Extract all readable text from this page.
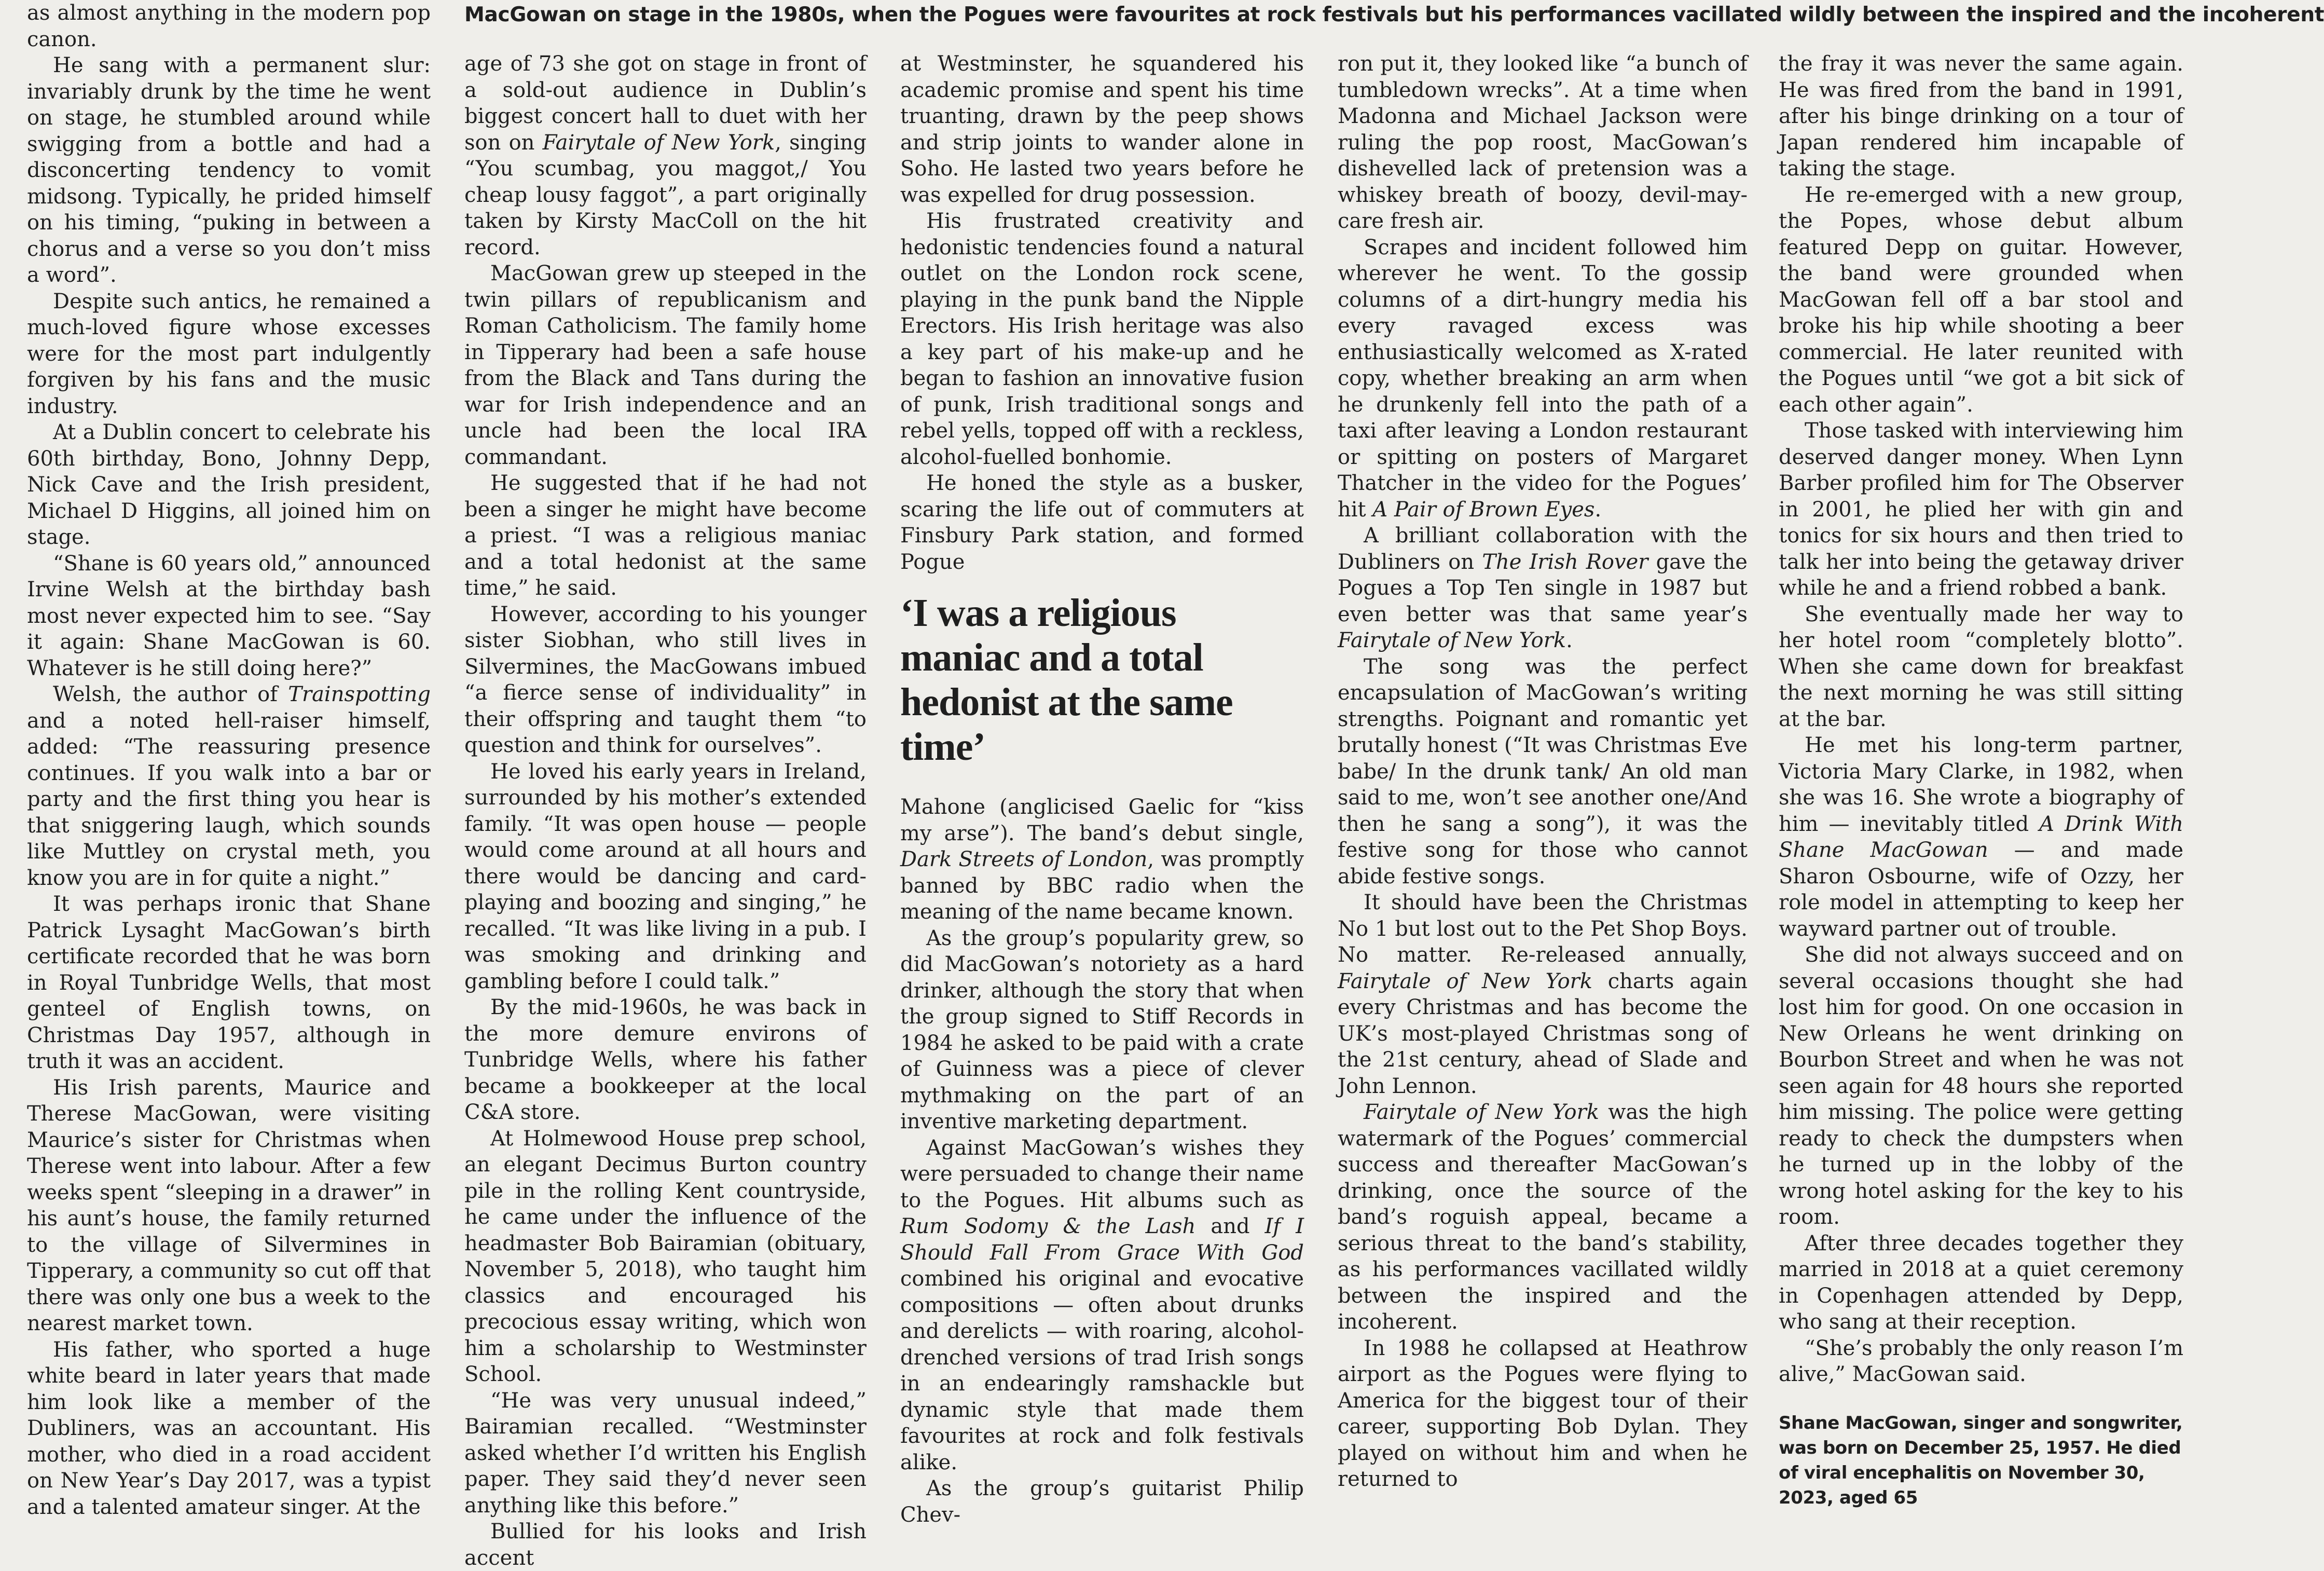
MacGowan on stage in the 1980s, when the Pogues were favourites at rock festivals but his performances vacillated wildly between the inspired and the incoherent

as almost anything in the modern pop canon.

He sang with a permanent slur: invariably drunk by the time he went on stage, he stumbled around while swigging from a bottle and had a disconcerting tendency to vomit midsong. Typically, he prided himself on his timing, “puking in between a chorus and a verse so you don’t miss a word”.

Despite such antics, he remained a much-loved figure whose excesses were for the most part indulgently forgiven by his fans and the music industry.

At a Dublin concert to celebrate his 60th birthday, Bono, Johnny Depp, Nick Cave and the Irish president, Michael D Higgins, all joined him on stage.

“Shane is 60 years old,” announced Irvine Welsh at the birthday bash most never expected him to see. “Say it again: Shane MacGowan is 60. Whatever is he still doing here?”

Welsh, the author of Trainspotting and a noted hell-raiser himself, added: “The reassuring presence continues. If you walk into a bar or party and the first thing you hear is that sniggering laugh, which sounds like Muttley on crystal meth, you know you are in for quite a night.”

It was perhaps ironic that Shane Patrick Lysaght MacGowan’s birth certificate recorded that he was born in Royal Tunbridge Wells, that most genteel of English towns, on Christmas Day 1957, although in truth it was an accident.

His Irish parents, Maurice and Therese MacGowan, were visiting Maurice’s sister for Christmas when Therese went into labour. After a few weeks spent “sleeping in a drawer” in his aunt’s house, the family returned to the village of Silvermines in Tipperary, a community so cut off that there was only one bus a week to the nearest market town.

His father, who sported a huge white beard in later years that made him look like a member of the Dubliners, was an accountant. His mother, who died in a road accident on New Year’s Day 2017, was a typist and a talented amateur singer. At the

age of 73 she got on stage in front of a sold-out audience in Dublin’s biggest concert hall to duet with her son on Fairytale of New York, singing “You scumbag, you maggot,/ You cheap lousy faggot”, a part originally taken by Kirsty MacColl on the hit record.

MacGowan grew up steeped in the twin pillars of republicanism and Roman Catholicism. The family home in Tipperary had been a safe house from the Black and Tans during the war for Irish independence and an uncle had been the local IRA commandant.

He suggested that if he had not been a singer he might have become a priest. “I was a religious maniac and a total hedonist at the same time,” he said.

However, according to his younger sister Siobhan, who still lives in Silvermines, the MacGowans imbued “a fierce sense of individuality” in their offspring and taught them “to question and think for ourselves”.

He loved his early years in Ireland, surrounded by his mother’s extended family. “It was open house — people would come around at all hours and there would be dancing and card-playing and boozing and singing,” he recalled. “It was like living in a pub. I was smoking and drinking and gambling before I could talk.”

By the mid-1960s, he was back in the more demure environs of Tunbridge Wells, where his father became a bookkeeper at the local C&A store.

At Holmewood House prep school, an elegant Decimus Burton country pile in the rolling Kent countryside, he came under the influence of the headmaster Bob Bairamian (obituary, November 5, 2018), who taught him classics and encouraged his precocious essay writing, which won him a scholarship to Westminster School.

“He was very unusual indeed,” Bairamian recalled. “Westminster asked whether I’d written his English paper. They said they’d never seen anything like this before.”

Bullied for his looks and Irish accent

at Westminster, he squandered his academic promise and spent his time truanting, drawn by the peep shows and strip joints to wander alone in Soho. He lasted two years before he was expelled for drug possession.

His frustrated creativity and hedonistic tendencies found a natural outlet on the London rock scene, playing in the punk band the Nipple Erectors. His Irish heritage was also a key part of his make-up and he began to fashion an innovative fusion of punk, Irish traditional songs and rebel yells, topped off with a reckless, alcohol-fuelled bonhomie.

He honed the style as a busker, scaring the life out of commuters at Finsbury Park station, and formed Pogue

‘I was a religious maniac and a total hedonist at the same time’

Mahone (anglicised Gaelic for “kiss my arse”). The band’s debut single, Dark Streets of London, was promptly banned by BBC radio when the meaning of the name became known.

As the group’s popularity grew, so did MacGowan’s notoriety as a hard drinker, although the story that when the group signed to Stiff Records in 1984 he asked to be paid with a crate of Guinness was a piece of clever mythmaking on the part of an inventive marketing department.

Against MacGowan’s wishes they were persuaded to change their name to the Pogues. Hit albums such as Rum Sodomy & the Lash and If I Should Fall From Grace With God combined his original and evocative compositions — often about drunks and derelicts — with roaring, alcohol-drenched versions of trad Irish songs in an endearingly ramshackle but dynamic style that made them favourites at rock and folk festivals alike.

As the group’s guitarist Philip Chev-

ron put it, they looked like “a bunch of tumbledown wrecks”. At a time when Madonna and Michael Jackson were ruling the pop roost, MacGowan’s dishevelled lack of pretension was a whiskey breath of boozy, devil-may-care fresh air.

Scrapes and incident followed him wherever he went. To the gossip columns of a dirt-hungry media his every ravaged excess was enthusiastically welcomed as X-rated copy, whether breaking an arm when he drunkenly fell into the path of a taxi after leaving a London restaurant or spitting on posters of Margaret Thatcher in the video for the Pogues’ hit A Pair of Brown Eyes.

A brilliant collaboration with the Dubliners on The Irish Rover gave the Pogues a Top Ten single in 1987 but even better was that same year’s Fairytale of New York.

The song was the perfect encapsulation of MacGowan’s writing strengths. Poignant and romantic yet brutally honest (“It was Christmas Eve babe/ In the drunk tank/ An old man said to me, won’t see another one/And then he sang a song”), it was the festive song for those who cannot abide festive songs.

It should have been the Christmas No 1 but lost out to the Pet Shop Boys. No matter. Re-released annually, Fairytale of New York charts again every Christmas and has become the UK’s most-played Christmas song of the 21st century, ahead of Slade and John Lennon.

Fairytale of New York was the high watermark of the Pogues’ commercial success and thereafter MacGowan’s drinking, once the source of the band’s roguish appeal, became a serious threat to the band’s stability, as his performances vacillated wildly between the inspired and the incoherent.

In 1988 he collapsed at Heathrow airport as the Pogues were flying to America for the biggest tour of their career, supporting Bob Dylan. They played on without him and when he returned to

the fray it was never the same again. He was fired from the band in 1991, after his binge drinking on a tour of Japan rendered him incapable of taking the stage.

He re-emerged with a new group, the Popes, whose debut album featured Depp on guitar. However, the band were grounded when MacGowan fell off a bar stool and broke his hip while shooting a beer commercial. He later reunited with the Pogues until “we got a bit sick of each other again”.

Those tasked with interviewing him deserved danger money. When Lynn Barber profiled him for The Observer in 2001, he plied her with gin and tonics for six hours and then tried to talk her into being the getaway driver while he and a friend robbed a bank.

She eventually made her way to her hotel room “completely blotto”. When she came down for breakfast the next morning he was still sitting at the bar.

He met his long-term partner, Victoria Mary Clarke, in 1982, when she was 16. She wrote a biography of him — inevitably titled A Drink With Shane MacGowan — and made Sharon Osbourne, wife of Ozzy, her role model in attempting to keep her wayward partner out of trouble.

She did not always succeed and on several occasions thought she had lost him for good. On one occasion in New Orleans he went drinking on Bourbon Street and when he was not seen again for 48 hours she reported him missing. The police were getting ready to check the dumpsters when he turned up in the lobby of the wrong hotel asking for the key to his room.

After three decades together they married in 2018 at a quiet ceremony in Copenhagen attended by Depp, who sang at their reception.

“She’s probably the only reason I’m alive,” MacGowan said.

Shane MacGowan, singer and songwriter, was born on December 25, 1957. He died of viral encephalitis on November 30, 2023, aged 65
